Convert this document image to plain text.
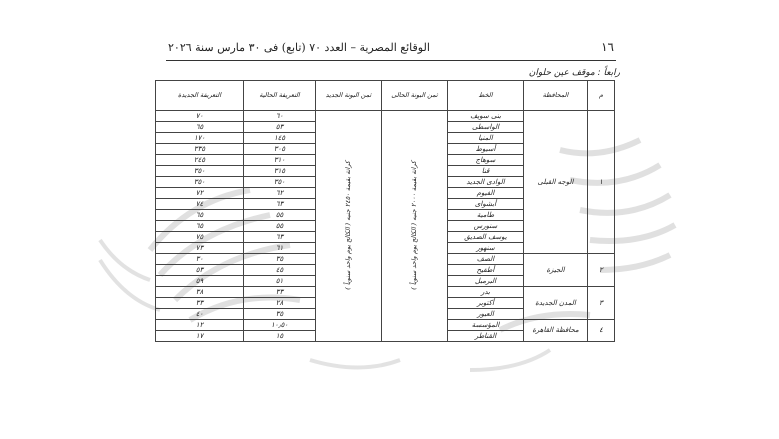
١٦
الوقائع المصرية – العدد ٧٠ (تابع) فى ٣٠ مارس سنة ٢٠٢٦
رابعاً : موقف عين حلوان
م	المحافظة	الخط	ثمن البونة الحالى	ثمن البونة الجديد	التعريفة الحالية	التعريفة الجديدة
١	الوجه القبلى	بنى سويف	كراتة بقيمة ٢٠٠٠ جنيه ( الكالح يوم واحد سنوياً )	كراتة بقيمة ٢٤٥٠ جنيه ( الكالح يوم واحد سنوياً )	٦٠	٧٠
		الواسطى			٥٣	٦٥
		المنيا			١٤٥	١٧٠
		أسيوط			٣٠٥	٣٣٥
		سوهاج			٣١٠	٢٤٥
		قنا			٣١٥	٣٥٠
		الوادى الجديد			٣٥٠	٣٥٠
		الفيوم			٦٢	٧٢
		أبشواى			٦٣	٧٤
		طامية			٥٥	٦٥
		سنورس			٥٥	٦٥
		يوسف الصديق			٦٣	٧٥
		سنهور			٦١	٧٣
٢	الجيزة	الصف			٣٥	٣٠
		أطفيح			٤٥	٥٣
		البرمبل			٥١	٥٩
٣	المدن الجديدة	بدر			٣٣	٣٨
		أكتوبر			٢٨	٣٣
		العبور			٣٥	٤٠
٤	محافظة القاهرة	المؤسسة			١٠٫٥٠	١٢
		القناطر			١٥	١٧
